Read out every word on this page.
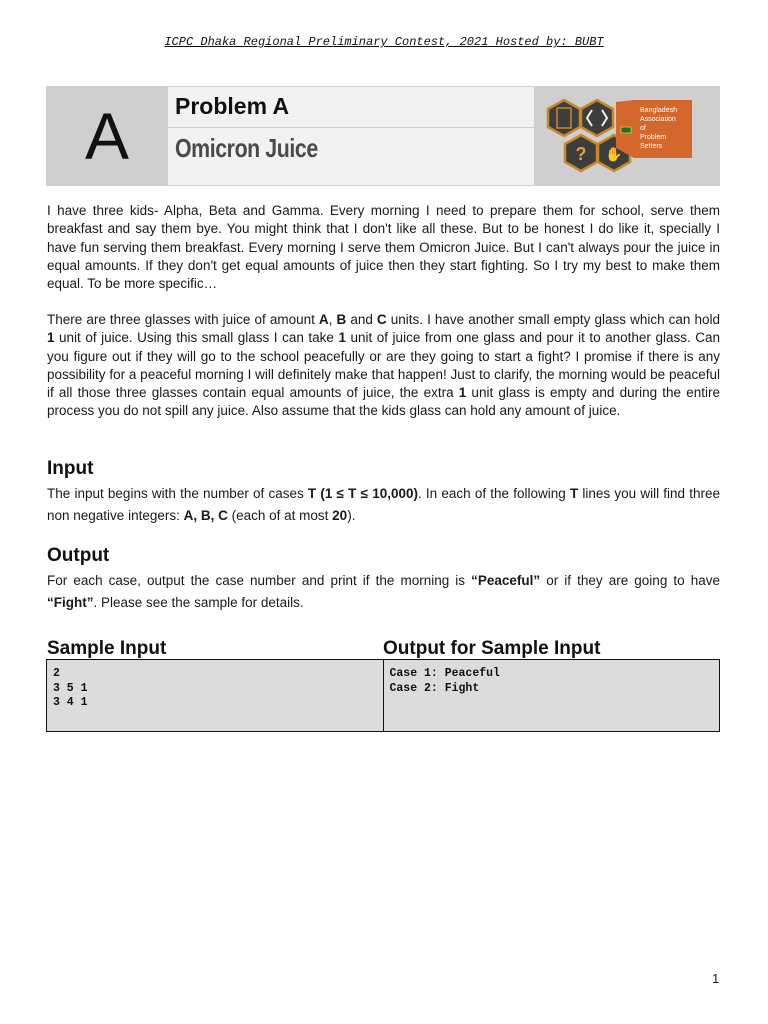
ICPC Dhaka Regional Preliminary Contest, 2021 Hosted by: BUBT
A	Problem A
Omicron Juice	? ✋
Bangladesh
Association
of
Problem
Setters
I have three kids- Alpha, Beta and Gamma. Every morning I need to prepare them for school, serve them breakfast and say them bye. You might think that I don't like all these. But to be honest I do like it, specially I have fun serving them breakfast. Every morning I serve them Omicron Juice. But I can't always pour the juice in equal amounts. If they don't get equal amounts of juice then they start fighting. So I try my best to make them equal. To be more specific…
There are three glasses with juice of amount A, B and C units. I have another small empty glass which can hold 1 unit of juice. Using this small glass I can take 1 unit of juice from one glass and pour it to another glass. Can you figure out if they will go to the school peacefully or are they going to start a fight? I promise if there is any possibility for a peaceful morning I will definitely make that happen! Just to clarify, the morning would be peaceful if all those three glasses contain equal amounts of juice, the extra 1 unit glass is empty and during the entire process you do not spill any juice. Also assume that the kids glass can hold any amount of juice.
Input
The input begins with the number of cases T (1 ≤ T ≤ 10,000). In each of the following T lines you will find three non negative integers: A, B, C (each of at most 20).
Output
For each case, output the case number and print if the morning is “Peaceful” or if they are going to have “Fight”. Please see the sample for details.
Sample Input	Output for Sample Input
2
3 5 1
3 4 1
Case 1: Peaceful
Case 2: Fight
1
